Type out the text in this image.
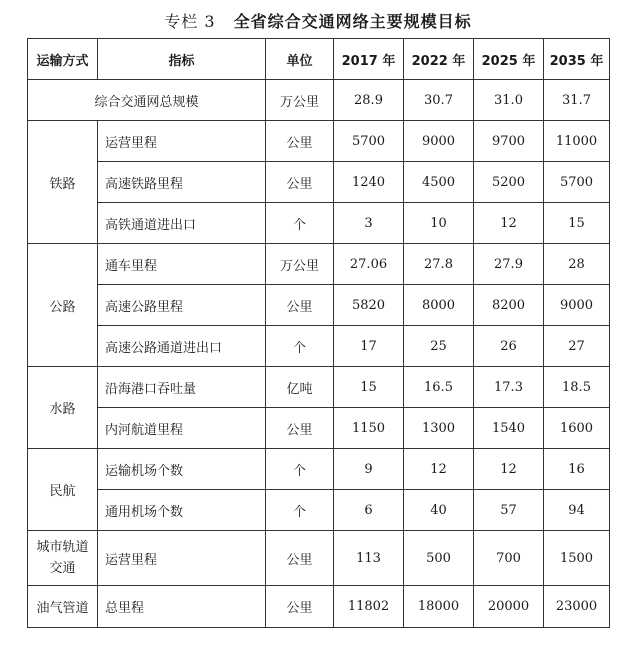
专栏 3 全省综合交通网络主要规模目标
运输方式	指标	单位	2017 年	2022 年	2025 年	2035 年
综合交通网总规模		万公里	28.9	30.7	31.0	31.7
铁路	运营里程	公里	5700	9000	9700	11000
	高速铁路里程	公里	1240	4500	5200	5700
	高铁通道进出口	个	3	10	12	15
公路	通车里程	万公里	27.06	27.8	27.9	28
	高速公路里程	公里	5820	8000	8200	9000
	高速公路通道进出口	个	17	25	26	27
水路	沿海港口吞吐量	亿吨	15	16.5	17.3	18.5
	内河航道里程	公里	1150	1300	1540	1600
民航	运输机场个数	个	9	12	12	16
	通用机场个数	个	6	40	57	94
城市轨道
交通	运营里程	公里	113	500	700	1500
油气管道	总里程	公里	11802	18000	20000	23000
